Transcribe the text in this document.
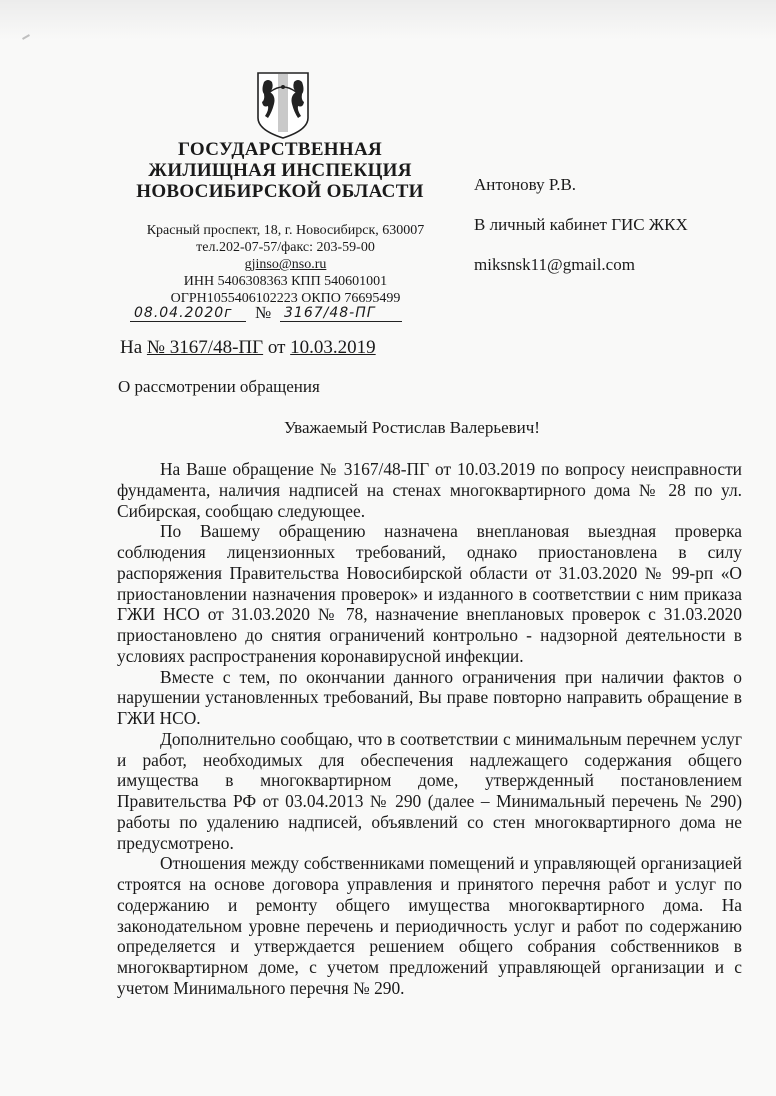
ГОСУДАРСТВЕННАЯ
ЖИЛИЩНАЯ ИНСПЕКЦИЯ
НОВОСИБИРСКОЙ ОБЛАСТИ
Красный проспект, 18, г. Новосибирск, 630007
тел.202-07-57/факс: 203-59-00
gjinso@nso.ru
ИНН 5406308363 КПП 540601001
ОГРН1055406102223 ОКПО 76695499
08.04.2020г	№ 3167/48-ПГ
На № 3167/48-ПГ от 10.03.2019
Антонову Р.В.
В личный кабинет ГИС ЖКХ
miksnsk11@gmail.com
О рассмотрении обращения
Уважаемый Ростислав Валерьевич!

На Ваше обращение № 3167/48-ПГ от 10.03.2019 по вопросу неисправности фундамента, наличия надписей на стенах многоквартирного дома № 28 по ул. Сибирская, сообщаю следующее.

По Вашему обращению назначена внеплановая выездная проверка соблюдения лицензионных требований, однако приостановлена в силу распоряжения Правительства Новосибирской области от 31.03.2020 № 99-рп «О приостановлении назначения проверок» и изданного в соответствии с ним приказа ГЖИ НСО от 31.03.2020 № 78, назначение внеплановых проверок с 31.03.2020 приостановлено до снятия ограничений контрольно - надзорной деятельности в условиях распространения коронавирусной инфекции.

Вместе с тем, по окончании данного ограничения при наличии фактов о нарушении установленных требований, Вы праве повторно направить обращение в ГЖИ НСО.

Дополнительно сообщаю, что в соответствии с минимальным перечнем услуг и работ, необходимых для обеспечения надлежащего содержания общего имущества в многоквартирном доме, утвержденный постановлением Правительства РФ от 03.04.2013 № 290 (далее – Минимальный перечень № 290) работы по удалению надписей, объявлений со стен многоквартирного дома не предусмотрено.

Отношения между собственниками помещений и управляющей организацией строятся на основе договора управления и принятого перечня работ и услуг по содержанию и ремонту общего имущества многоквартирного дома. На законодательном уровне перечень и периодичность услуг и работ по содержанию определяется и утверждается решением общего собрания собственников в многоквартирном доме, с учетом предложений управляющей организации и с учетом Минимального перечня № 290.
